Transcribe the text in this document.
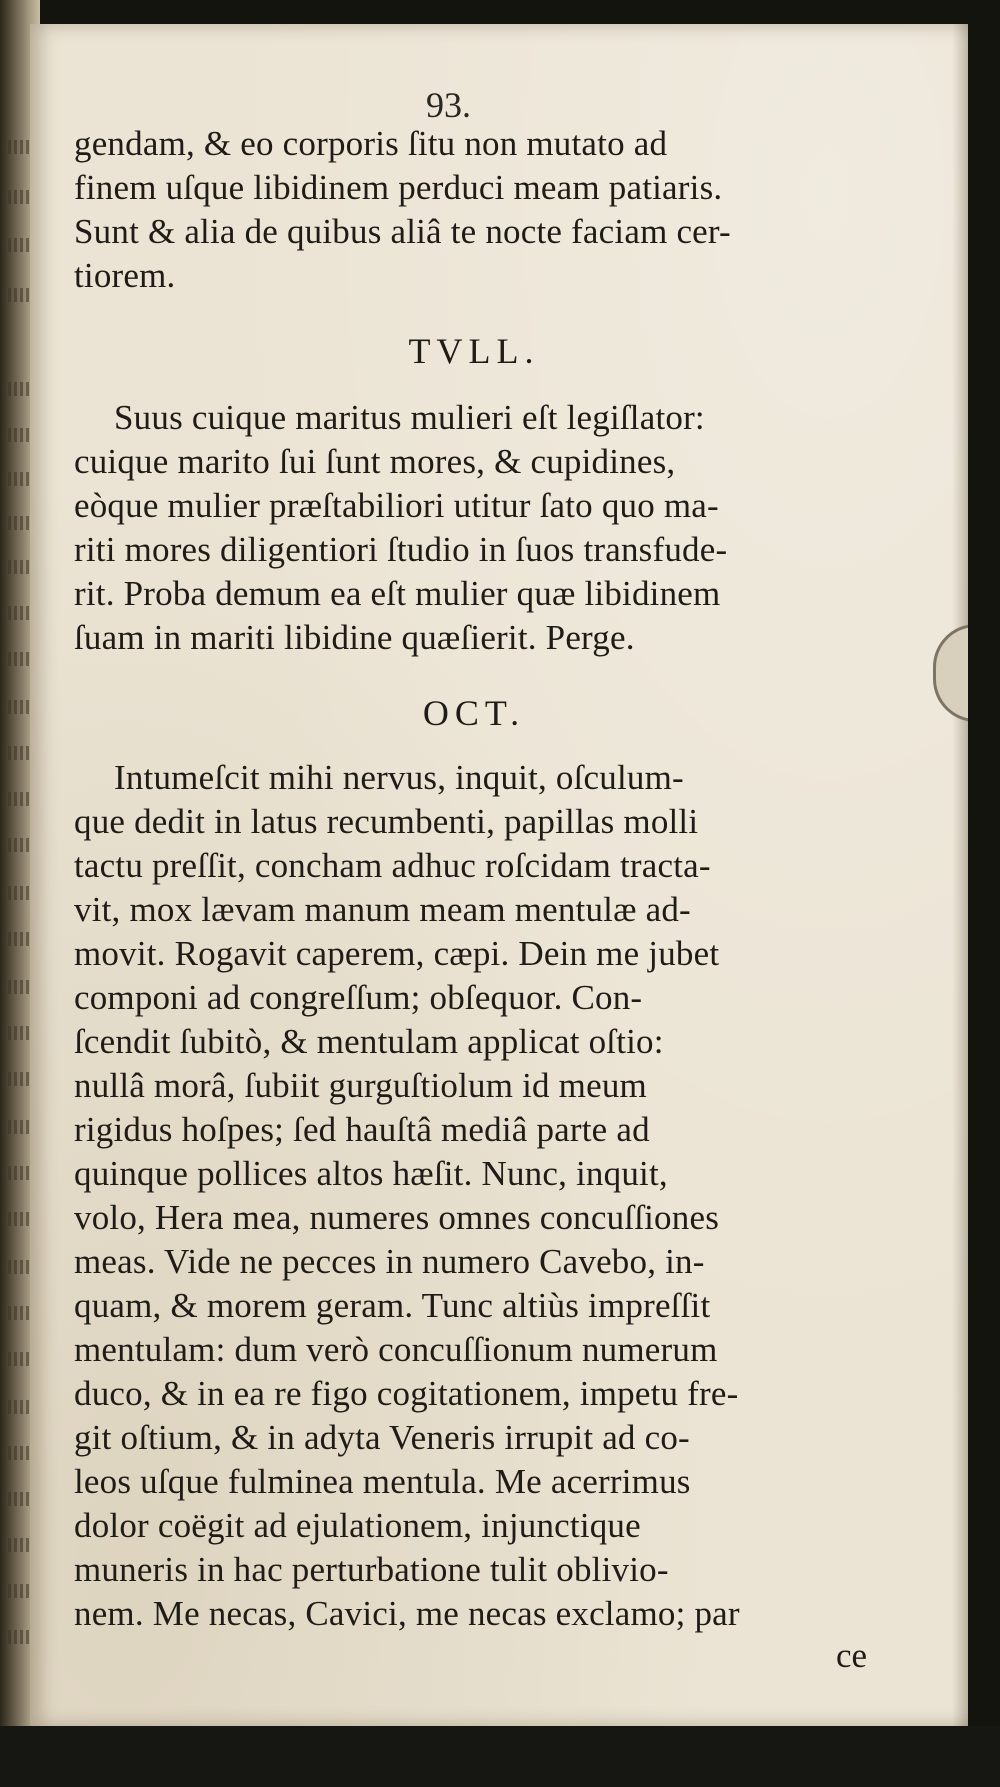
93.
gendam, & eo corporis ſitu non mutato ad
finem uſque libidinem perduci meam patiaris.
Sunt & alia de quibus aliâ te nocte faciam cer-
tiorem.
TVLL.
Suus cuique maritus mulieri eſt legiſlator:
cuique marito ſui ſunt mores, & cupidines,
eòque mulier præſtabiliori utitur ſato quo ma-
riti mores diligentiori ſtudio in ſuos transfude-
rit. Proba demum ea eſt mulier quæ libidinem
ſuam in mariti libidine quæſierit. Perge.
OCT.
Intumeſcit mihi nervus, inquit, oſculum-
que dedit in latus recumbenti, papillas molli
tactu preſſit, concham adhuc roſcidam tracta-
vit, mox lævam manum meam mentulæ ad-
movit. Rogavit caperem, cæpi. Dein me jubet
componi ad congreſſum; obſequor. Con-
ſcendit ſubitò, & mentulam applicat oſtio:
nullâ morâ, ſubiit gurguſtiolum id meum
rigidus hoſpes; ſed hauſtâ mediâ parte ad
quinque pollices altos hæſit. Nunc, inquit,
volo, Hera mea, numeres omnes concuſſiones
meas. Vide ne pecces in numero Cavebo, in-
quam, & morem geram. Tunc altiùs impreſſit
mentulam: dum verò concuſſionum numerum
duco, & in ea re figo cogitationem, impetu fre-
git oſtium, & in adyta Veneris irrupit ad co-
leos uſque fulminea mentula. Me acerrimus
dolor coëgit ad ejulationem, injunctique
muneris in hac perturbatione tulit oblivio-
nem. Me necas, Cavici, me necas exclamo; par
ce
